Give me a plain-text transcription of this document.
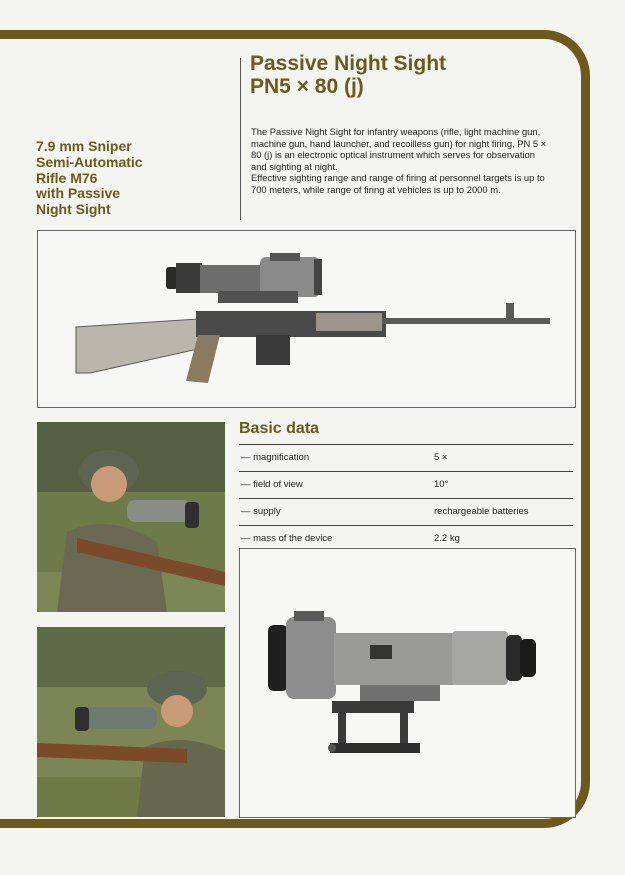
Passive Night Sight
PN5 × 80 (j)

The Passive Night Sight for infantry weapons (rifle, light machine gun, machine gun, hand launcher, and recoilless gun) for night firing, PN 5 × 80 (j) is an electronic optical instrument which serves for observation and sighting at night.

Effective sighting range and range of firing at personnel targets is up to 700 meters, while range of firing at vehicles is up to 2000 m.

7.9 mm Sniper
Semi-Automatic
Rifle M76
with Passive
Night Sight
Basic data
— magnification	5 ×
— field of view	10°
— supply	rechargeable batteries
— mass of the device	2.2 kg
